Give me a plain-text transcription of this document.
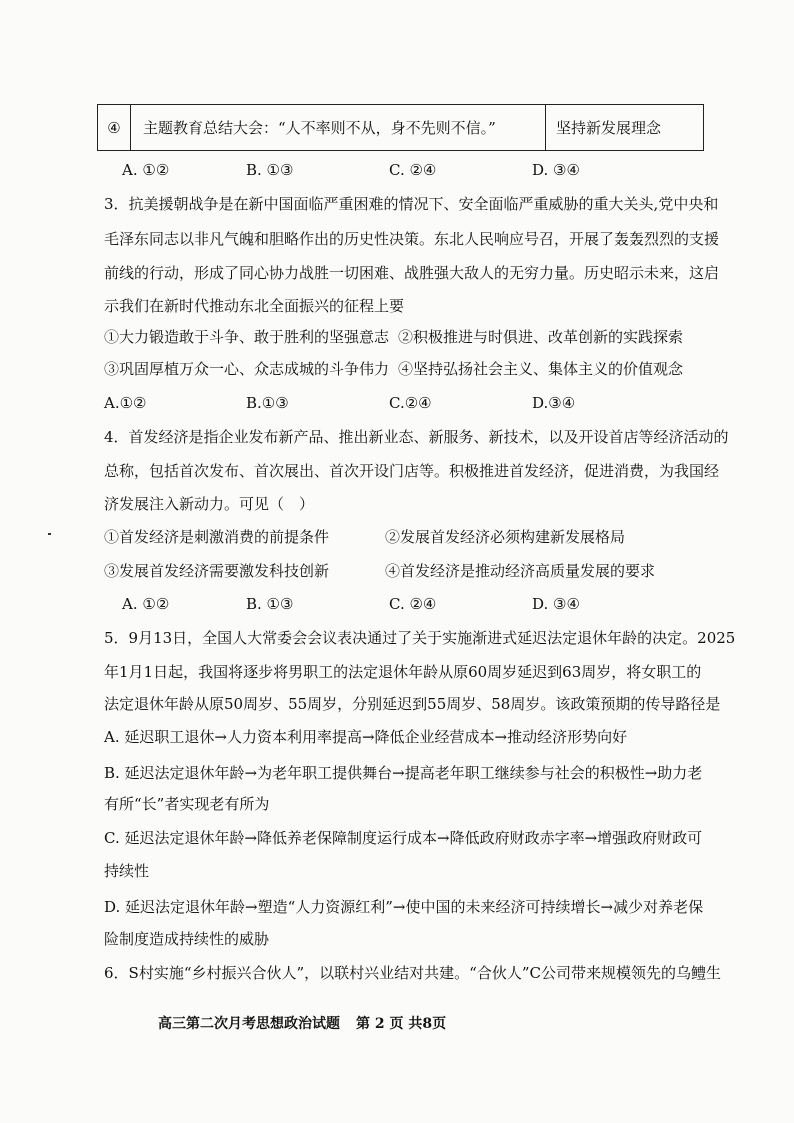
④	主题教育总结大会：“人不率则不从，身不先则不信。”	坚持新发展理念
A. ①②	B. ①③	C. ②④	D. ③④
3．抗美援朝战争是在新中国面临严重困难的情况下、安全面临严重威胁的重大关头,党中央和
毛泽东同志以非凡气魄和胆略作出的历史性决策。东北人民响应号召，开展了轰轰烈烈的支援
前线的行动，形成了同心协力战胜一切困难、战胜强大敌人的无穷力量。历史昭示未来，这启
示我们在新时代推动东北全面振兴的征程上要
①大力锻造敢于斗争、敢于胜利的坚强意志 ②积极推进与时俱进、改革创新的实践探索
③巩固厚植万众一心、众志成城的斗争伟力 ④坚持弘扬社会主义、集体主义的价值观念
A.①②	B.①③	C.②④	D.③④
4．首发经济是指企业发布新产品、推出新业态、新服务、新技术，以及开设首店等经济活动的
总称，包括首次发布、首次展出、首次开设门店等。积极推进首发经济，促进消费，为我国经
济发展注入新动力。可见（　）
①首发经济是刺激消费的前提条件	②发展首发经济必须构建新发展格局
③发展首发经济需要激发科技创新	④首发经济是推动经济高质量发展的要求
A. ①②	B. ①③	C. ②④	D. ③④
5．9月13日，全国人大常委会会议表决通过了关于实施渐进式延迟法定退休年龄的决定。2025
年1月1日起，我国将逐步将男职工的法定退休年龄从原60周岁延迟到63周岁，将女职工的
法定退休年龄从原50周岁、55周岁，分别延迟到55周岁、58周岁。该政策预期的传导路径是
A. 延迟职工退休→人力资本利用率提高→降低企业经营成本→推动经济形势向好
B. 延迟法定退休年龄→为老年职工提供舞台→提高老年职工继续参与社会的积极性→助力老
有所“长”者实现老有所为
C. 延迟法定退休年龄→降低养老保障制度运行成本→降低政府财政赤字率→增强政府财政可
持续性
D. 延迟法定退休年龄→塑造“人力资源红利”→使中国的未来经济可持续增长→减少对养老保
险制度造成持续性的威胁
6．S村实施“乡村振兴合伙人”，以联村兴业结对共建。“合伙人”C公司带来规模领先的乌鳢生
高三第二次月考思想政治试题 第 2 页 共8页
